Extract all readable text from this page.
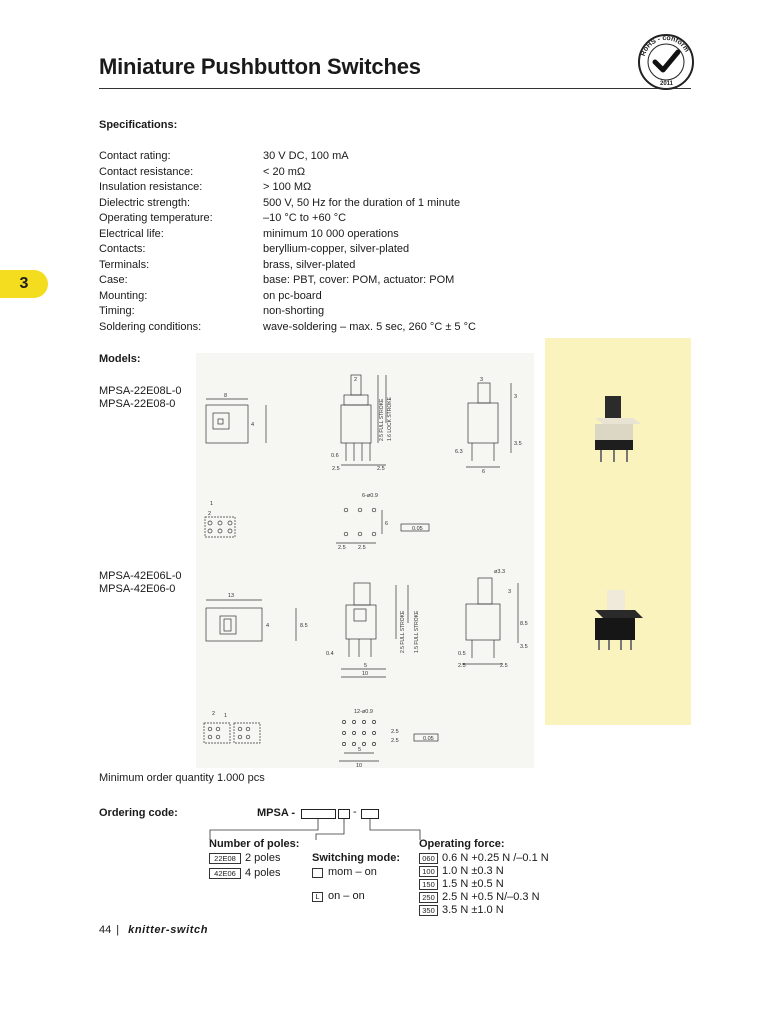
Miniature Pushbutton Switches
RoHS - conform
2011
3
Specifications:
Contact rating:	30 V DC, 100 mA
Contact resistance:	< 20 mΩ
Insulation resistance:	> 100 MΩ
Dielectric strength:	500 V, 50 Hz for the duration of 1 minute
Operating temperature:	–10 °C to +60 °C
Electrical life:	minimum 10 000 operations
Contacts:	beryllium-copper, silver-plated
Terminals:	brass, silver-plated
Case:	base: PBT, cover: POM, actuator: POM
Mounting:	on pc-board
Timing:	non-shorting
Soldering conditions:	wave-soldering – max. 5 sec, 260 °C ± 5 °C
Models:
MPSA-22E08L-0
MPSA-22E08-0
MPSA-42E06L-0
MPSA-42E06-0
8
4
2
0.6
2.5	2.5
3
3
6.3
3.5
6
1
2
6-ø0.9
6
2.5 2.5
0.05
13
4	8.5
0.4
5
10
ø3.3
3
8.5
3.5
0.5
2.5	2.5
2 1
12-ø0.9
2.5
2.5
5
10
0.05
2.5 FULL STROKE 1.6 LOCK STROKE
2.5 FULL STROKE 1.5 FULL STROKE
Minimum order quantity 1.000 pcs
Ordering code:	MPSA -	-
Number of poles:
22E08 2 poles
42E06 4 poles
Switching mode:
mom – on
L on – on
Operating force:
060 0.6 N +0.25 N /–0.1 N
100 1.0 N ±0.3 N
150 1.5 N ±0.5 N
250 2.5 N +0.5 N/–0.3 N
350 3.5 N ±1.0 N
44 | knitter-switch
